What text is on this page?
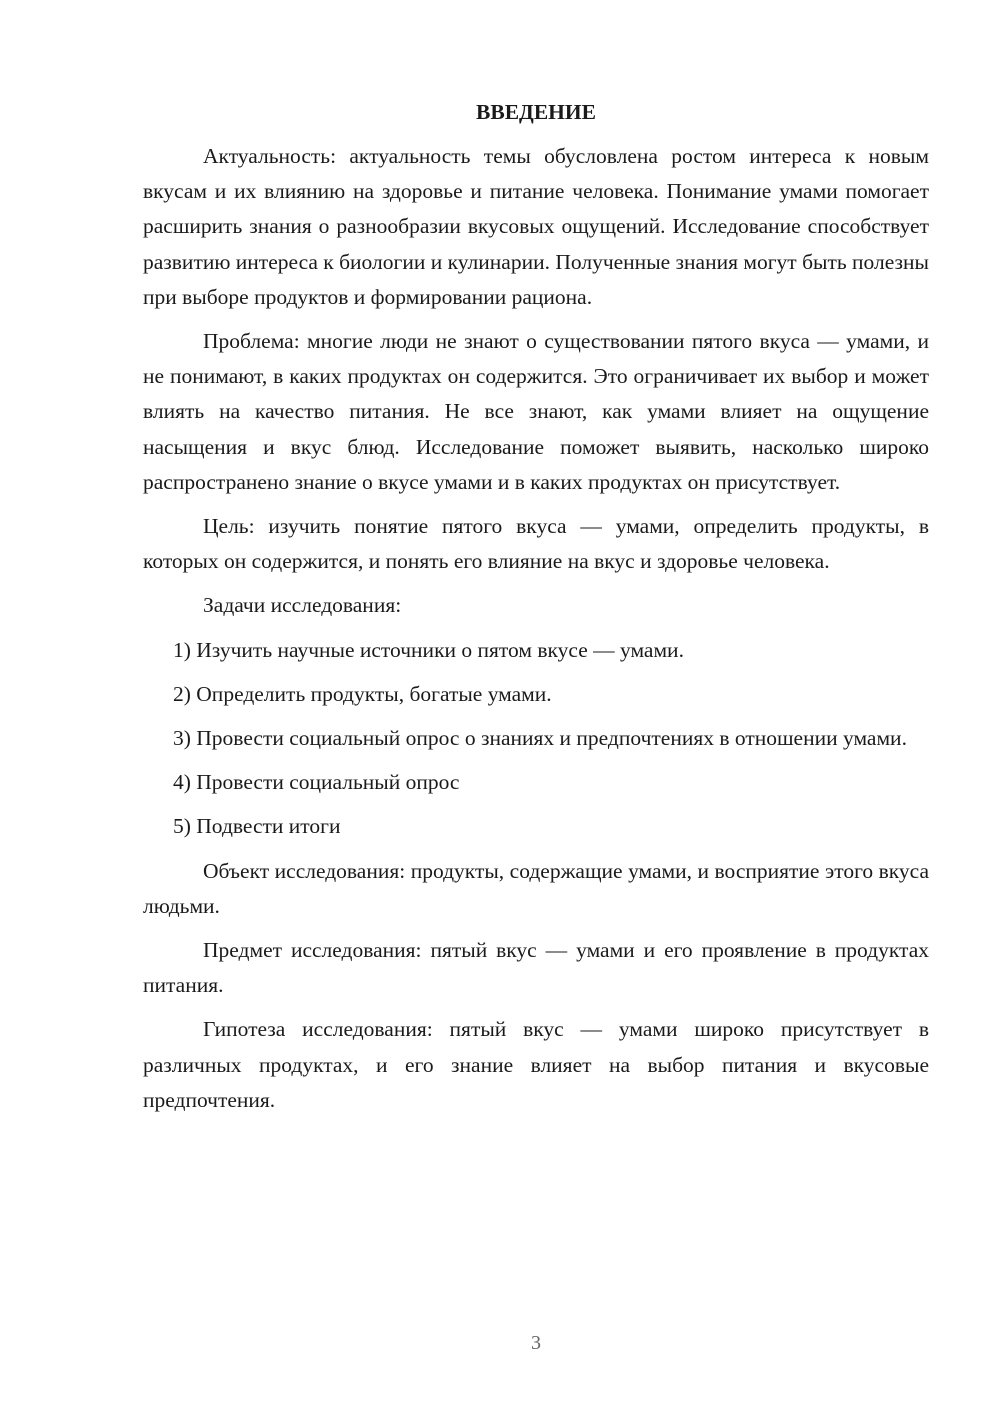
ВВЕДЕНИЕ

Актуальность: актуальность темы обусловлена ростом интереса к новым вкусам и их влиянию на здоровье и питание человека. Понимание умами помогает расширить знания о разнообразии вкусовых ощущений. Исследование способствует развитию интереса к биологии и кулинарии. Полученные знания могут быть полезны при выборе продуктов и формировании рациона.

Проблема: многие люди не знают о существовании пятого вкуса — умами, и не понимают, в каких продуктах он содержится. Это ограничивает их выбор и может влиять на качество питания. Не все знают, как умами влияет на ощущение насыщения и вкус блюд. Исследование поможет выявить, насколько широко распространено знание о вкусе умами и в каких продуктах он присутствует.

Цель: изучить понятие пятого вкуса — умами, определить продукты, в которых он содержится, и понять его влияние на вкус и здоровье человека.

Задачи исследования:

1) Изучить научные источники о пятом вкусе — умами.

2) Определить продукты, богатые умами.

3) Провести социальный опрос о знаниях и предпочтениях в отношении умами.

4) Провести социальный опрос

5) Подвести итоги

Объект исследования: продукты, содержащие умами, и восприятие этого вкуса людьми.

Предмет исследования: пятый вкус — умами и его проявление в продуктах питания.

Гипотеза исследования: пятый вкус — умами широко присутствует в различных продуктах, и его знание влияет на выбор питания и вкусовые предпочтения.

3
